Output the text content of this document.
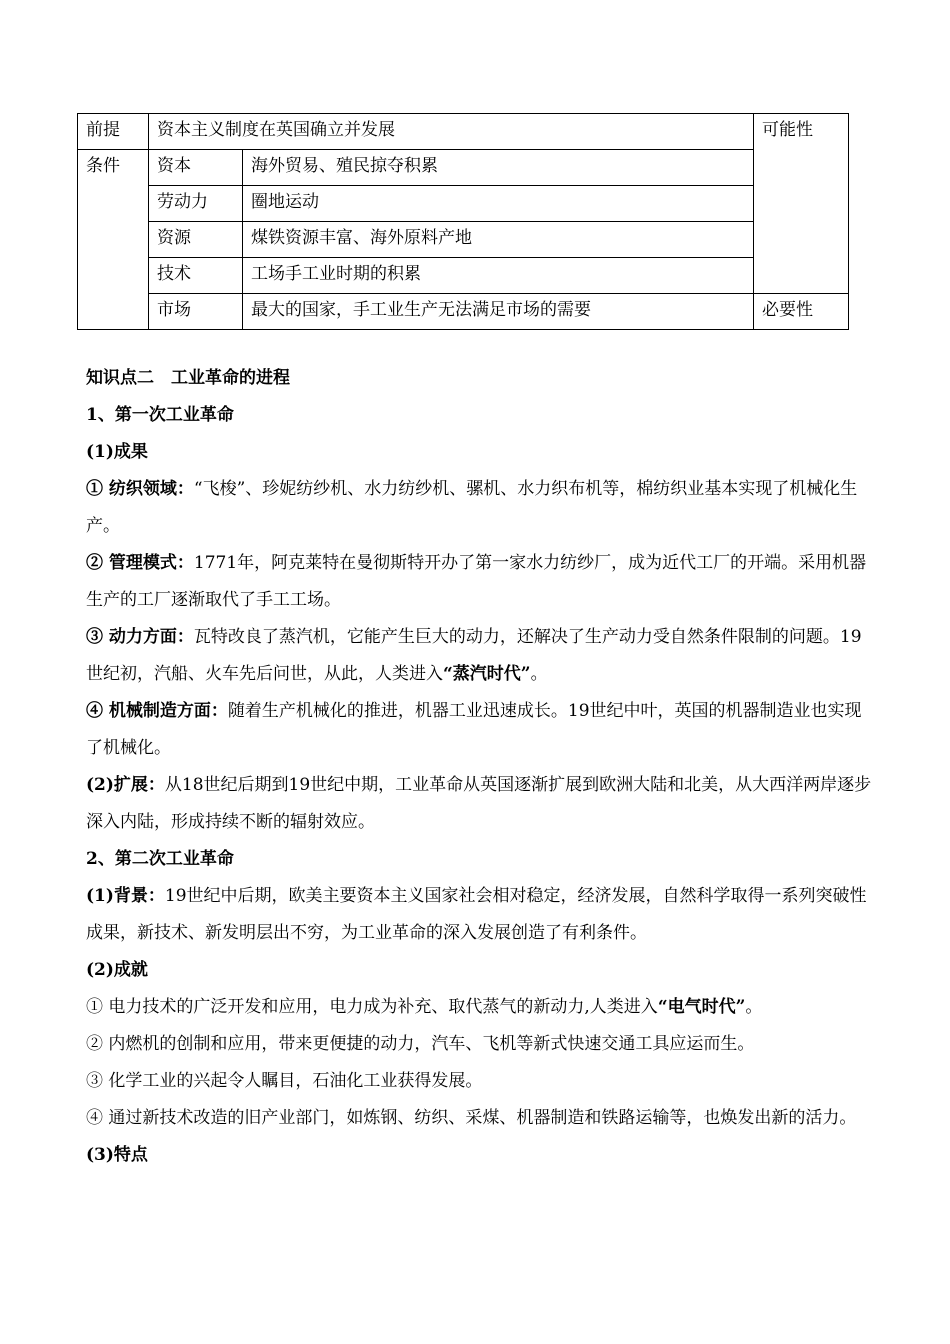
前提	资本主义制度在英国确立并发展		可能性
条件	资本	海外贸易、殖民掠夺积累	
	劳动力	圈地运动	
	资源	煤铁资源丰富、海外原料产地	
	技术	工场手工业时期的积累	
	市场	最大的国家，手工业生产无法满足市场的需要	必要性

知识点二　工业革命的进程

1、第一次工业革命

(1)成果

① 纺织领域：“飞梭”、珍妮纺纱机、水力纺纱机、骡机、水力织布机等，棉纺织业基本实现了机械化生产。

② 管理模式：1771年，阿克莱特在曼彻斯特开办了第一家水力纺纱厂，成为近代工厂的开端。采用机器生产的工厂逐渐取代了手工工场。

③ 动力方面：瓦特改良了蒸汽机，它能产生巨大的动力，还解决了生产动力受自然条件限制的问题。19世纪初，汽船、火车先后问世，从此，人类进入“蒸汽时代”。

④ 机械制造方面：随着生产机械化的推进，机器工业迅速成长。19世纪中叶，英国的机器制造业也实现了机械化。

(2)扩展：从18世纪后期到19世纪中期，工业革命从英国逐渐扩展到欧洲大陆和北美，从大西洋两岸逐步深入内陆，形成持续不断的辐射效应。

2、第二次工业革命

(1)背景：19世纪中后期，欧美主要资本主义国家社会相对稳定，经济发展，自然科学取得一系列突破性成果，新技术、新发明层出不穷，为工业革命的深入发展创造了有利条件。

(2)成就

① 电力技术的广泛开发和应用，电力成为补充、取代蒸气的新动力,人类进入“电气时代”。

② 内燃机的创制和应用，带来更便捷的动力，汽车、飞机等新式快速交通工具应运而生。

③ 化学工业的兴起令人瞩目，石油化工业获得发展。

④ 通过新技术改造的旧产业部门，如炼钢、纺织、采煤、机器制造和铁路运输等，也焕发出新的活力。

(3)特点
